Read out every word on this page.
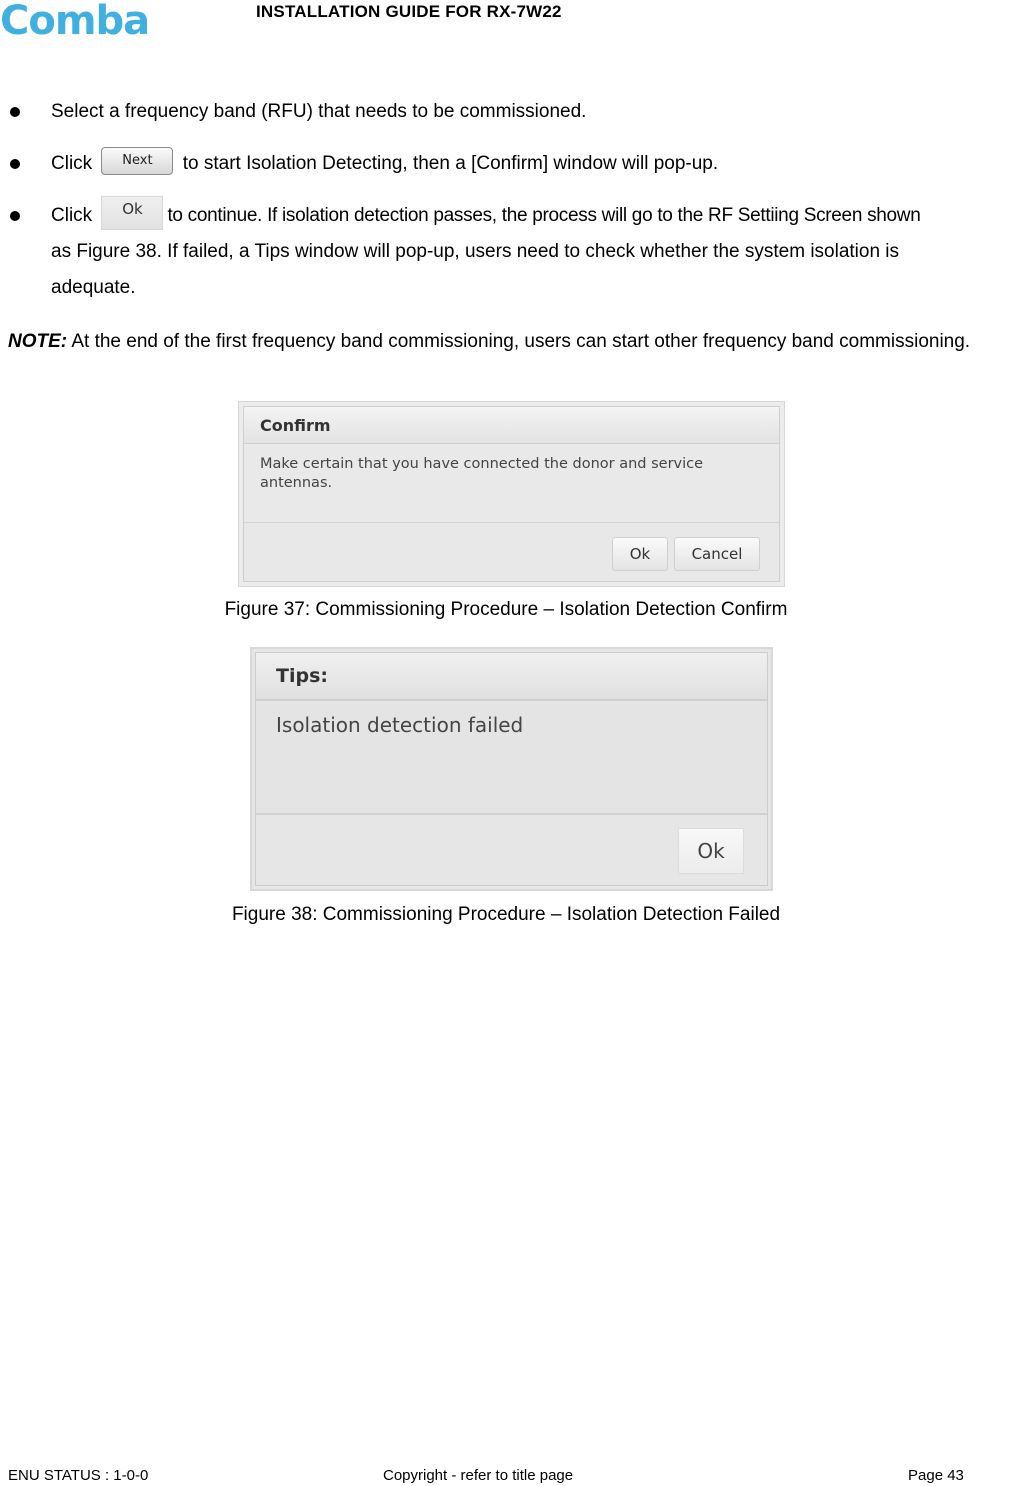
Comba	INSTALLATION GUIDE FOR RX-7W22

Select a frequency band (RFU) that needs to be commissioned.

Click Next to start Isolation Detecting, then a [Confirm] window will pop-up.

Click Ok to continue. If isolation detection passes, the process will go to the RF Settiing Screen shown
as Figure 38. If failed, a Tips window will pop-up, users need to check whether the system isolation is
adequate.

NOTE: At the end of the first frequency band commissioning, users can start other frequency band commissioning.
Confirm
Make certain that you have connected the donor and service antennas.
Ok	Cancel
Figure 37: Commissioning Procedure – Isolation Detection Confirm
Tips:
Isolation detection failed
Ok
Figure 38: Commissioning Procedure – Isolation Detection Failed
ENU STATUS : 1-0-0	Copyright - refer to title page	Page 43
